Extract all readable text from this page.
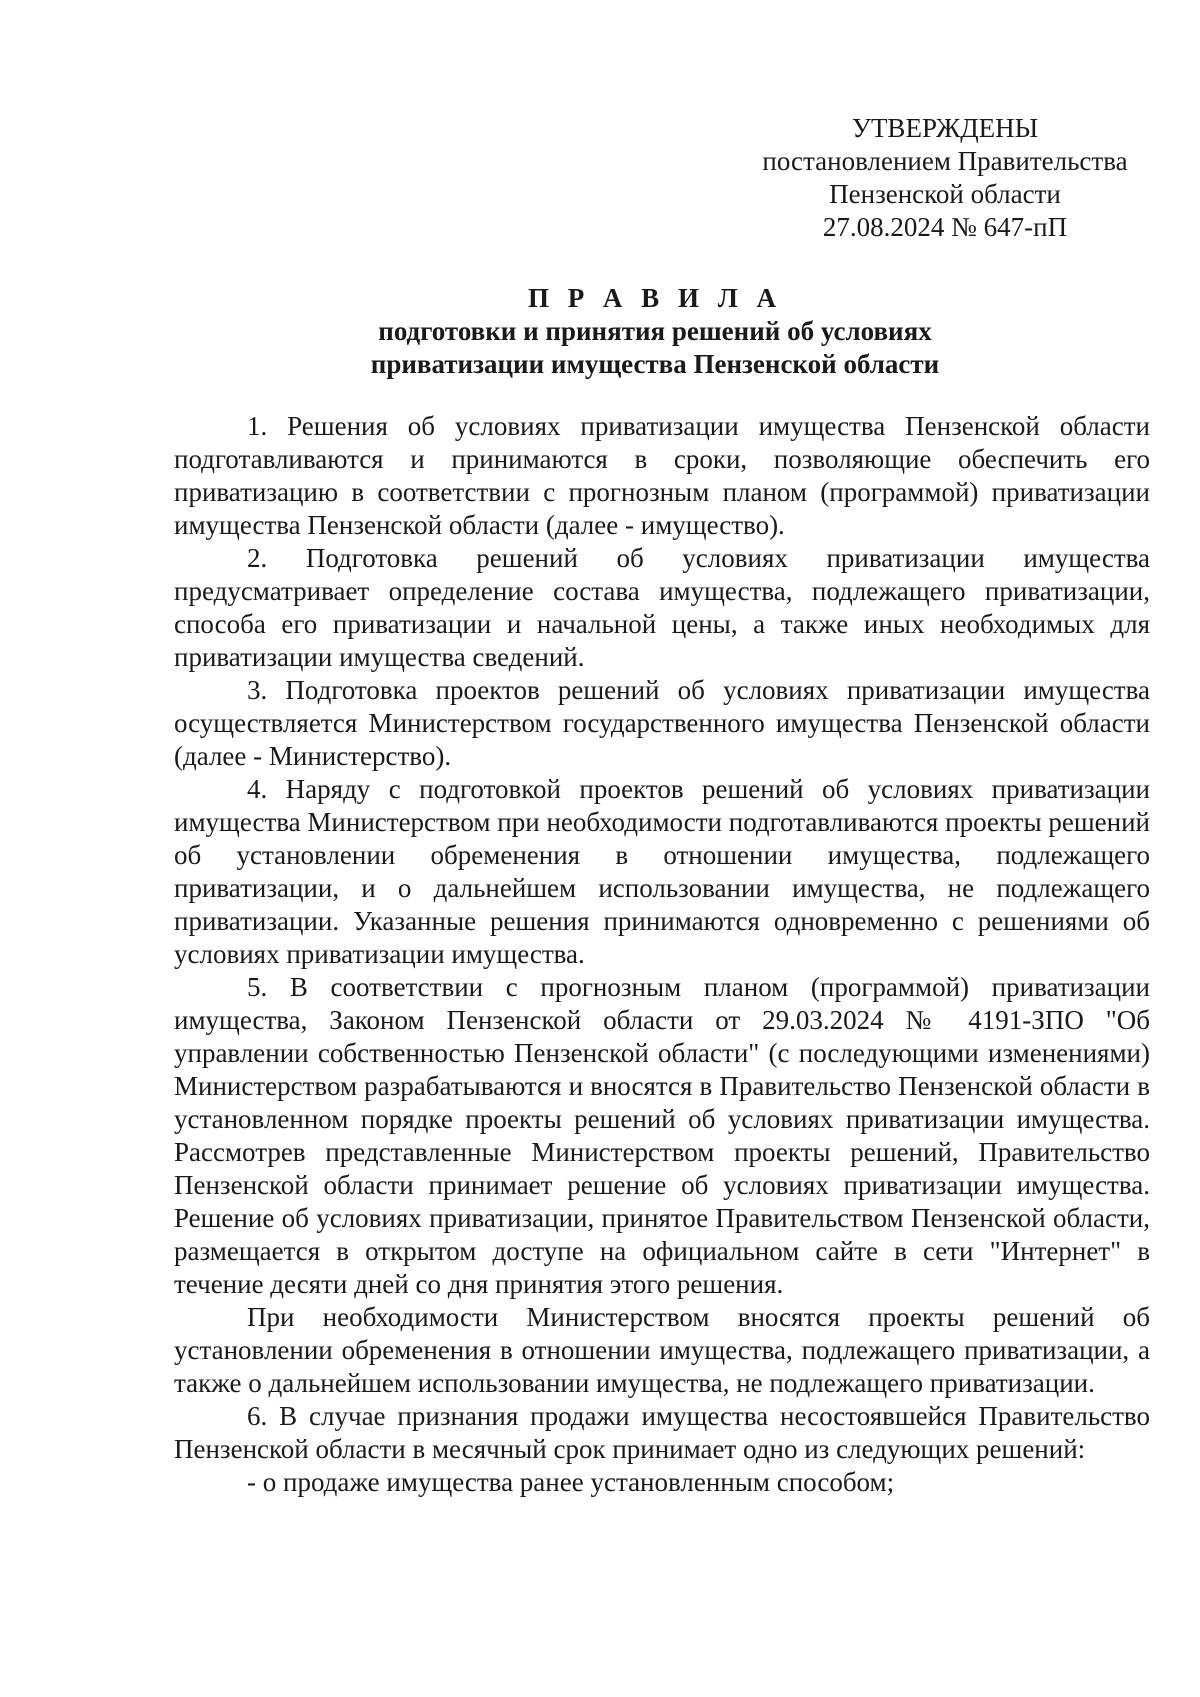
УТВЕРЖДЕНЫ
постановлением Правительства
Пензенской области
27.08.2024 № 647-пП
П Р А В И Л А
подготовки и принятия решений об условиях
приватизации имущества Пензенской области

1. Решения об условиях приватизации имущества Пензенской области подготавливаются и принимаются в сроки, позволяющие обеспечить его приватизацию в соответствии с прогнозным планом (программой) приватизации имущества Пензенской области (далее - имущество).

2. Подготовка решений об условиях приватизации имущества предусматривает определение состава имущества, подлежащего приватизации, способа его приватизации и начальной цены, а также иных необходимых для приватизации имущества сведений.

3. Подготовка проектов решений об условиях приватизации имущества осуществляется Министерством государственного имущества Пензенской области (далее - Министерство).

4. Наряду с подготовкой проектов решений об условиях приватизации имущества Министерством при необходимости подготавливаются проекты решений об установлении обременения в отношении имущества, подлежащего приватизации, и о дальнейшем использовании имущества, не подлежащего приватизации. Указанные решения принимаются одновременно с решениями об условиях приватизации имущества.

5. В соответствии с прогнозным планом (программой) приватизации имущества, Законом Пензенской области от 29.03.2024 № 4191-ЗПО "Об управлении собственностью Пензенской области" (с последующими изменениями) Министерством разрабатываются и вносятся в Правительство Пензенской области в установленном порядке проекты решений об условиях приватизации имущества. Рассмотрев представленные Министерством проекты решений, Правительство Пензенской области принимает решение об условиях приватизации имущества. Решение об условиях приватизации, принятое Правительством Пензенской области, размещается в открытом доступе на официальном сайте в сети "Интернет" в течение десяти дней со дня принятия этого решения.

При необходимости Министерством вносятся проекты решений об установлении обременения в отношении имущества, подлежащего приватизации, а также о дальнейшем использовании имущества, не подлежащего приватизации.

6. В случае признания продажи имущества несостоявшейся Правительство Пензенской области в месячный срок принимает одно из следующих решений:

- о продаже имущества ранее установленным способом;
